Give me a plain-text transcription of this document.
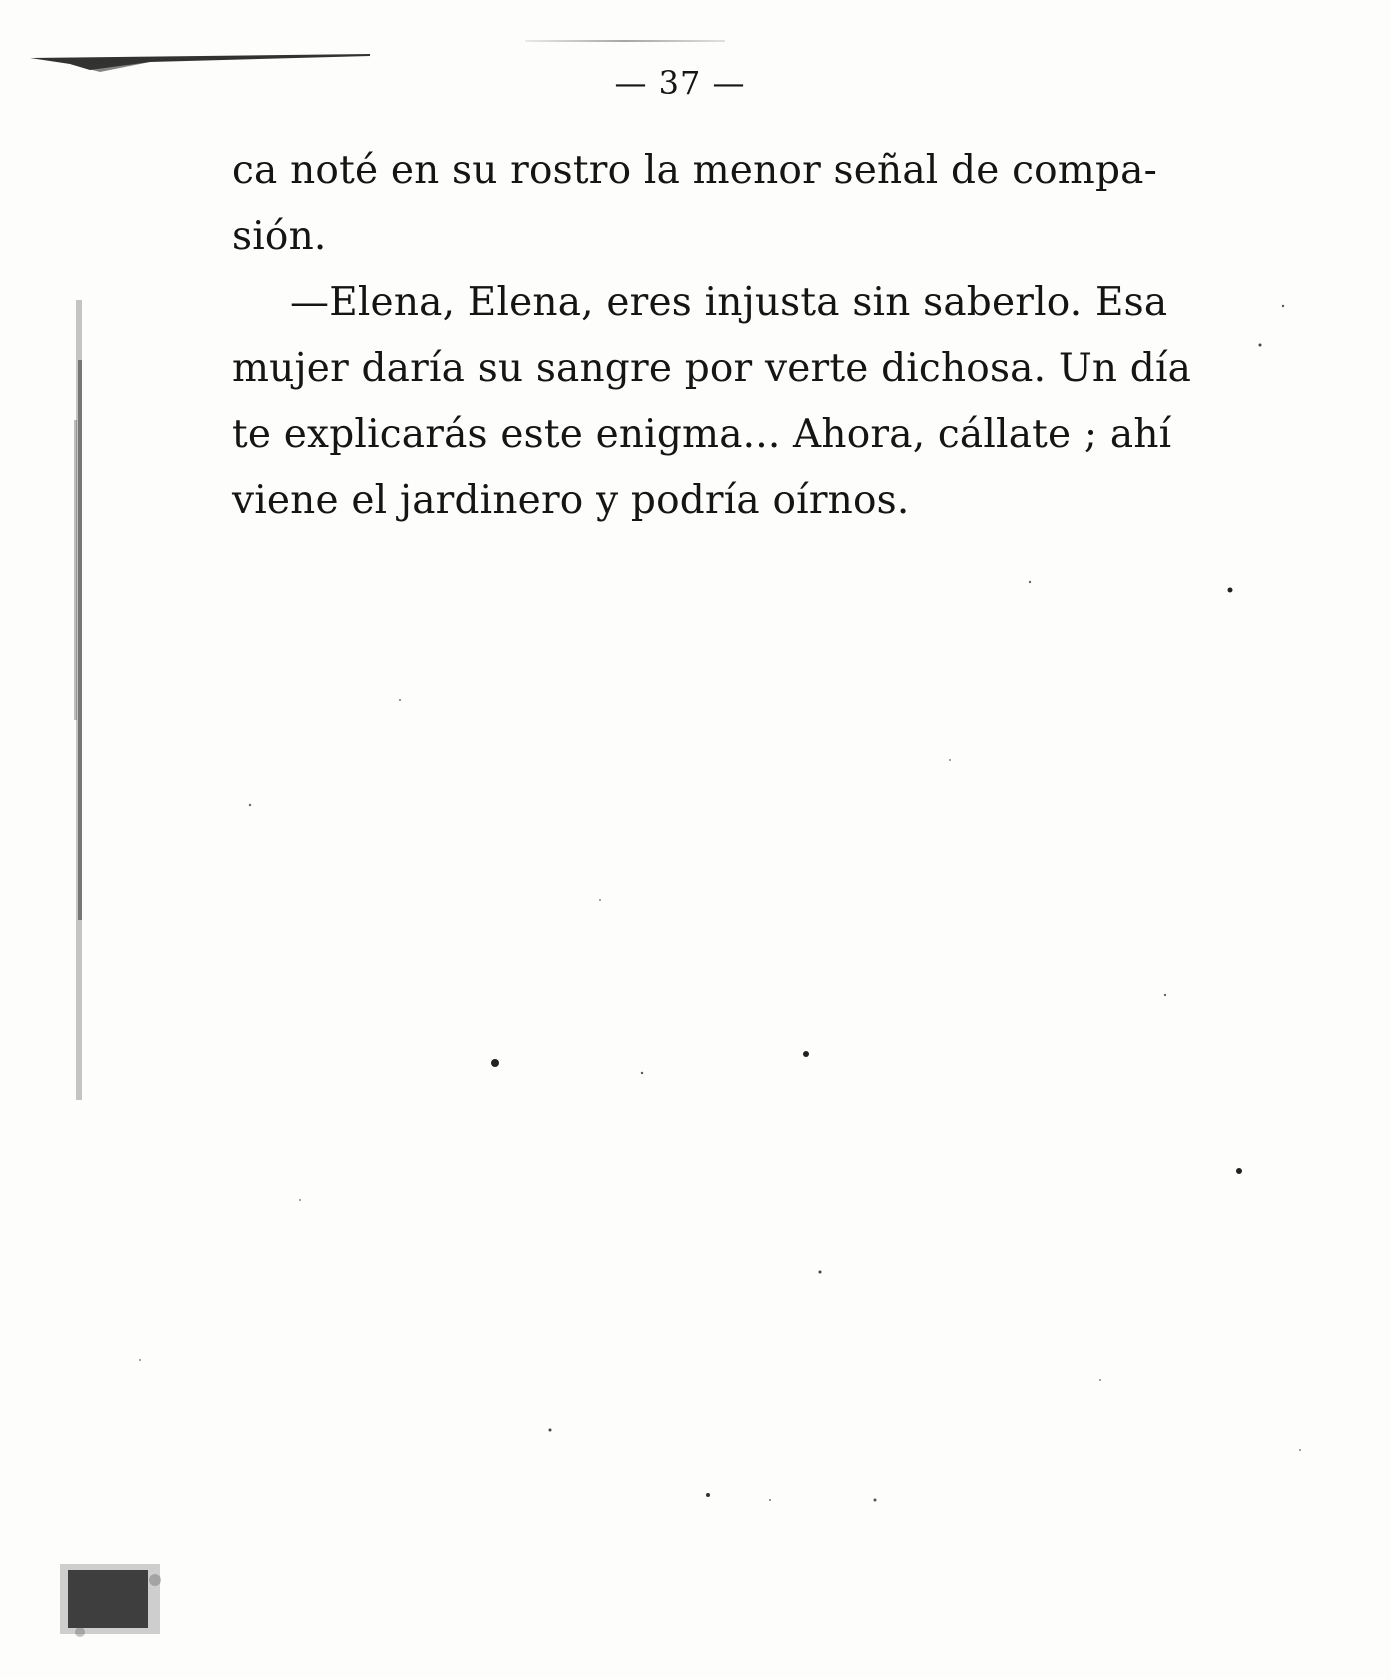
— 37 —
ca noté en su rostro la menor señal de compa-
sión.
—Elena, Elena, eres injusta sin saberlo. Esa
mujer daría su sangre por verte dichosa. Un día
te explicarás este enigma... Ahora, cállate ; ahí
viene el jardinero y podría oírnos.
